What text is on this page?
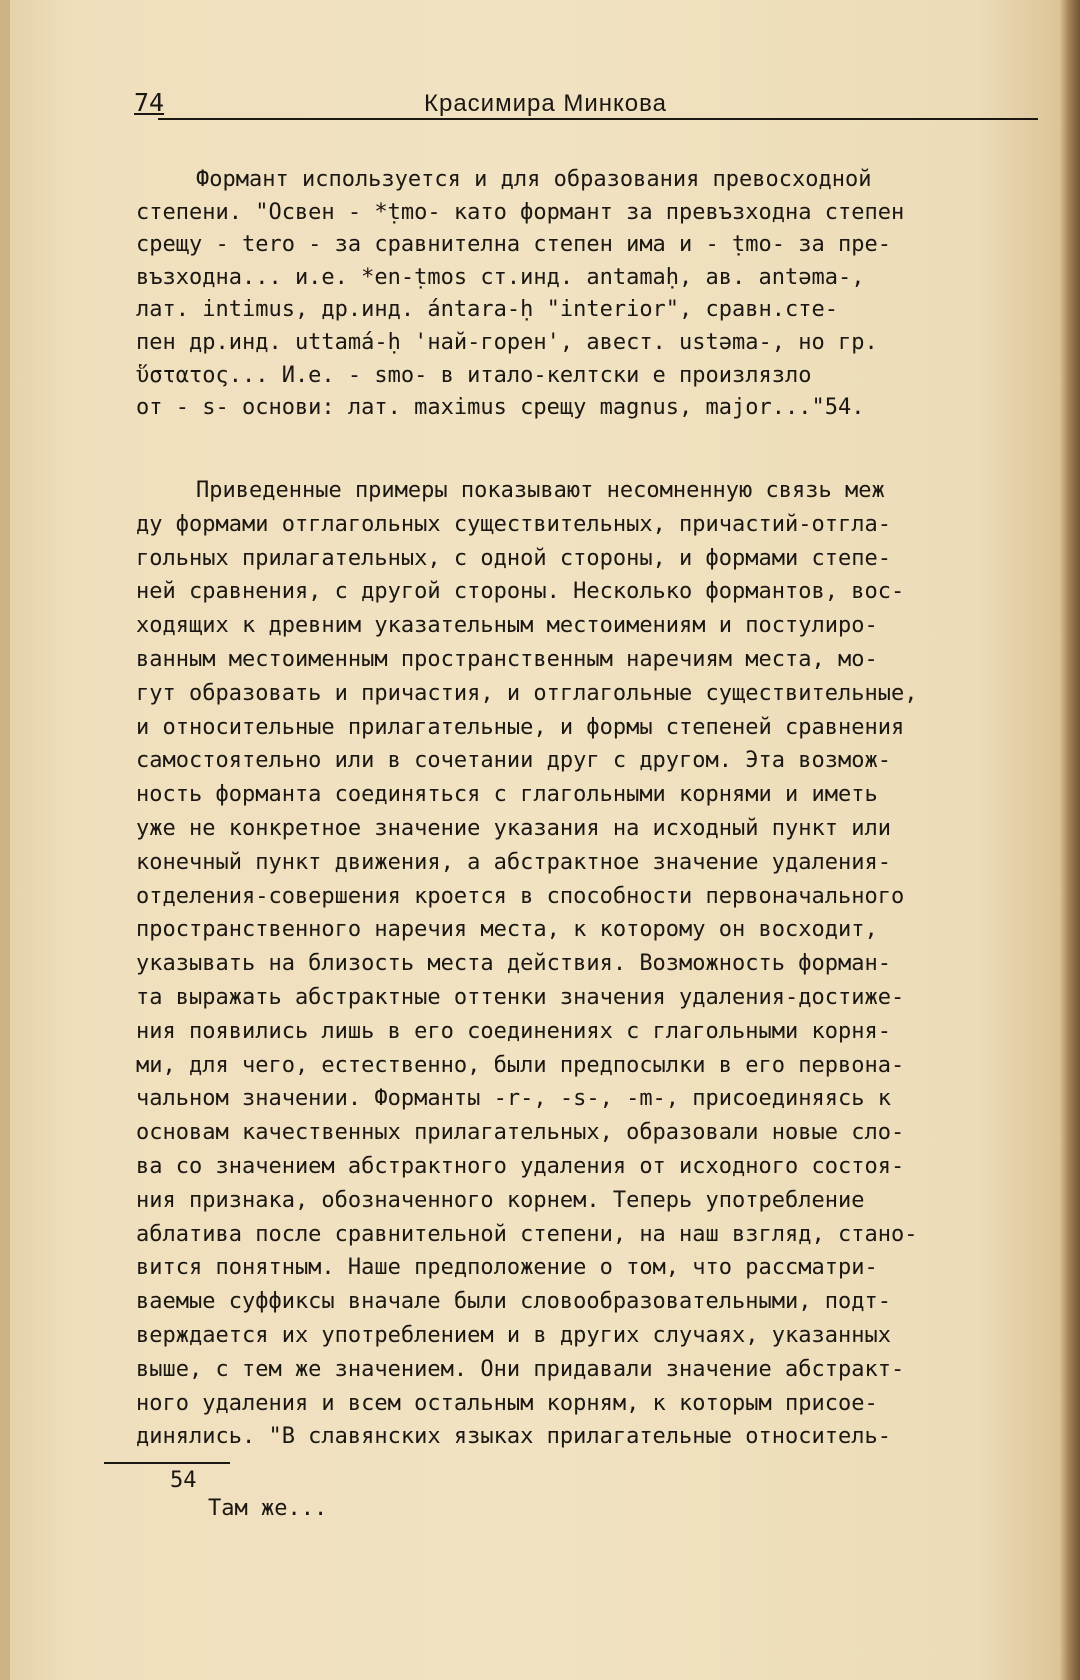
74	Красимира Минкова
Формант используется и для образования превосходной
степени. "Освен - *ṭmo- като формант за превъзходна степен
срещу - tero - за сравнителна степен има и - ṭmo- за пре-
възходна... и.е. *en-ṭmos ст.инд. antamaḥ, ав. antəma-,
лат. intimus, др.инд. ántara-ḥ "interior", сравн.сте-
пен др.инд. uttamá-ḥ 'най-горен', авест. ustəma-, но гр.
ὕστατος... И.е. - smo- в итало-келтски е произлязло
от - s- основи: лат. maximus срещу magnus, major..."54.
Приведенные примеры показывают несомненную связь меж
ду формами отглагольных существительных, причастий-отгла-
гольных прилагательных, с одной стороны, и формами степе-
ней сравнения, с другой стороны. Несколько формантов, вос-
ходящих к древним указательным местоимениям и постулиро-
ванным местоименным пространственным наречиям места, мо-
гут образовать и причастия, и отглагольные существительные,
и относительные прилагательные, и формы степеней сравнения
самостоятельно или в сочетании друг с другом. Эта возмож-
ность форманта соединяться с глагольными корнями и иметь
уже не конкретное значение указания на исходный пункт или
конечный пункт движения, а абстрактное значение удаления-
отделения-совершения кроется в способности первоначального
пространственного наречия места, к которому он восходит,
указывать на близость места действия. Возможность форман-
та выражать абстрактные оттенки значения удаления-достиже-
ния появились лишь в его соединениях с глагольными корня-
ми, для чего, естественно, были предпосылки в его первона-
чальном значении. Форманты -r-, -s-, -m-, присоединяясь к
основам качественных прилагательных, образовали новые сло-
ва со значением абстрактного удаления от исходного состоя-
ния признака, обозначенного корнем. Теперь употребление
аблатива после сравнительной степени, на наш взгляд, стано-
вится понятным. Наше предположение о том, что рассматри-
ваемые суффиксы вначале были словообразовательными, подт-
верждается их употреблением и в других случаях, указанных
выше, с тем же значением. Они придавали значение абстракт-
ного удаления и всем остальным корням, к которым присое-
динялись. "В славянских языках прилагательные относитель-
54
Там же...
